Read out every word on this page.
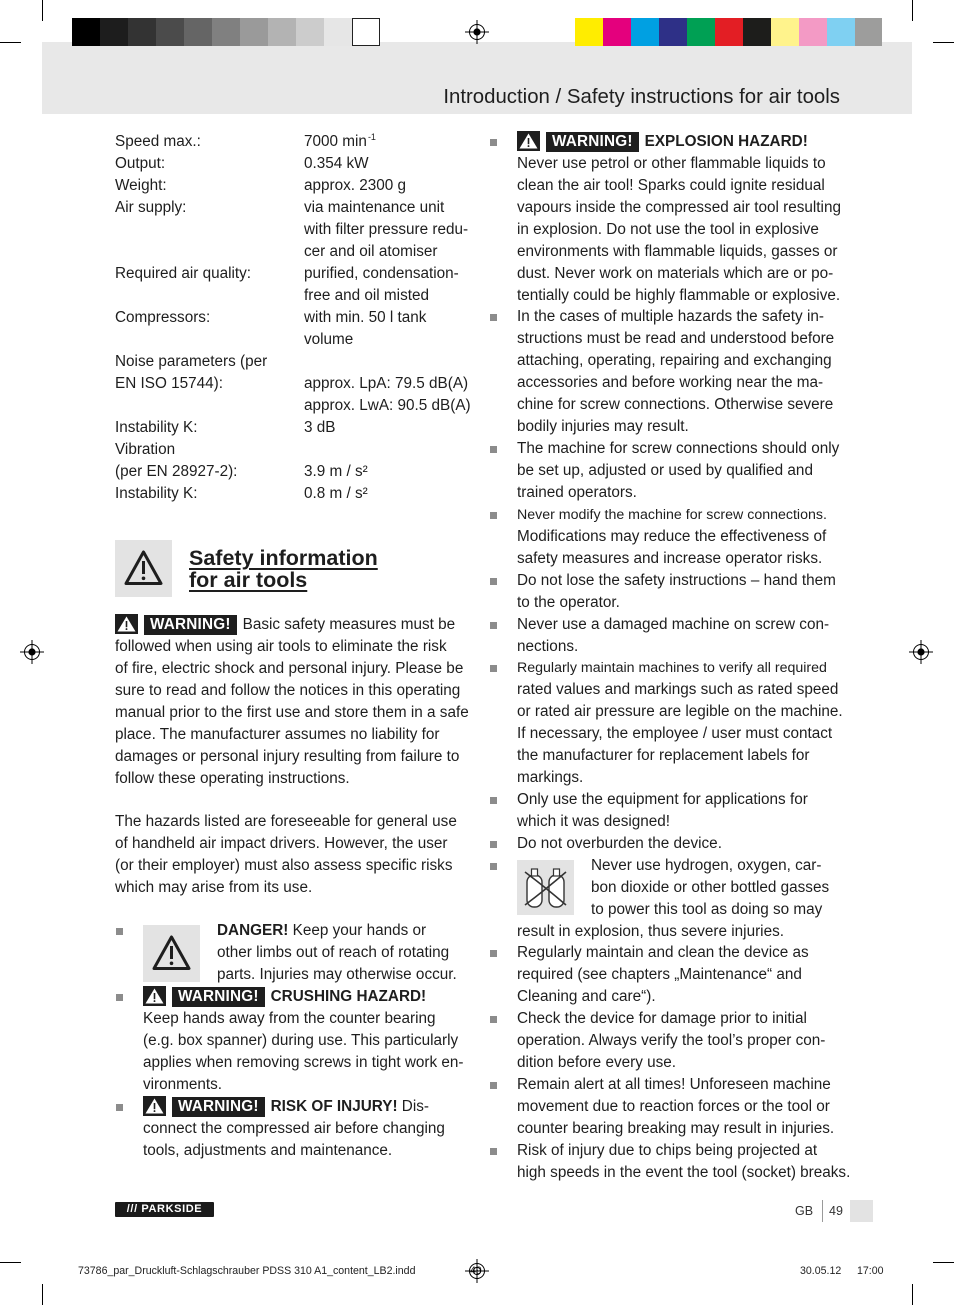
Introduction / Safety instructions for air tools
Speed max.:	7000 $\min^{-1}$
Output:	0.354 kW
Weight:	approx. 2300 g
Air supply:	via maintenance unit
with filter pressure redu-
cer and oil atomiser
Required air quality:	purified, condensation-
free and oil misted
Compressors:	with min. 50 l tank
volume
Noise parameters (per
EN ISO 15744):	approx. LpA: 79.5 dB(A)
approx. LwA: 90.5 dB(A)
Instability K:	3 dB
Vibration
(per EN 28927-2):	3.9 m / s²
Instability K:	0.8 m / s²
Safety information
for air tools
WARNING! Basic safety measures must be
followed when using air tools to eliminate the risk
of fire, electric shock and personal injury. Please be
sure to read and follow the notices in this operating
manual prior to the first use and store them in a safe
place. The manufacturer assumes no liability for
damages or personal injury resulting from failure to
follow these operating instructions.
The hazards listed are foreseeable for general use
of handheld air impact drivers. However, the user
(or their employer) must also assess specific risks
which may arise from its use.
DANGER! Keep your hands or
other limbs out of reach of rotating
parts. Injuries may otherwise occur.
WARNING! CRUSHING HAZARD!
Keep hands away from the counter bearing
(e.g. box spanner) during use. This particularly
applies when removing screws in tight work en-
vironments.
WARNING! RISK OF INJURY! Dis-
connect the compressed air before changing
tools, adjustments and maintenance.
WARNING! EXPLOSION HAZARD!
Never use petrol or other flammable liquids to
clean the air tool! Sparks could ignite residual
vapours inside the compressed air tool resulting
in explosion. Do not use the tool in explosive
environments with flammable liquids, gasses or
dust. Never work on materials which are or po-
tentially could be highly flammable or explosive.
In the cases of multiple hazards the safety in-
structions must be read and understood before
attaching, operating, repairing and exchanging
accessories and before working near the ma-
chine for screw connections. Otherwise severe
bodily injuries may result.
The machine for screw connections should only
be set up, adjusted or used by qualified and
trained operators.
Never modify the machine for screw connections.
Modifications may reduce the effectiveness of
safety measures and increase operator risks.
Do not lose the safety instructions – hand them
to the operator.
Never use a damaged machine on screw con-
nections.
Regularly maintain machines to verify all required
rated values and markings such as rated speed
or rated air pressure are legible on the machine.
If necessary, the employee / user must contact
the manufacturer for replacement labels for
markings.
Only use the equipment for applications for
which it was designed!
Do not overburden the device.
Never use hydrogen, oxygen, car-
bon dioxide or other bottled gasses
to power this tool as doing so may
result in explosion, thus severe injuries.
Regularly maintain and clean the device as
required (see chapters „Maintenance“ and
Cleaning and care“).
Check the device for damage prior to initial
operation. Always verify the tool’s proper con-
dition before every use.
Remain alert at all times! Unforeseen machine
movement due to reaction forces or the tool or
counter bearing breaking may result in injuries.
Risk of injury due to chips being projected at
high speeds in the event the tool (socket) breaks.
/// PARKSIDE	GB 49
73786_par_Druckluft-Schlagschrauber PDSS 310 A1_content_LB2.indd	49	30.05.12 17:00
